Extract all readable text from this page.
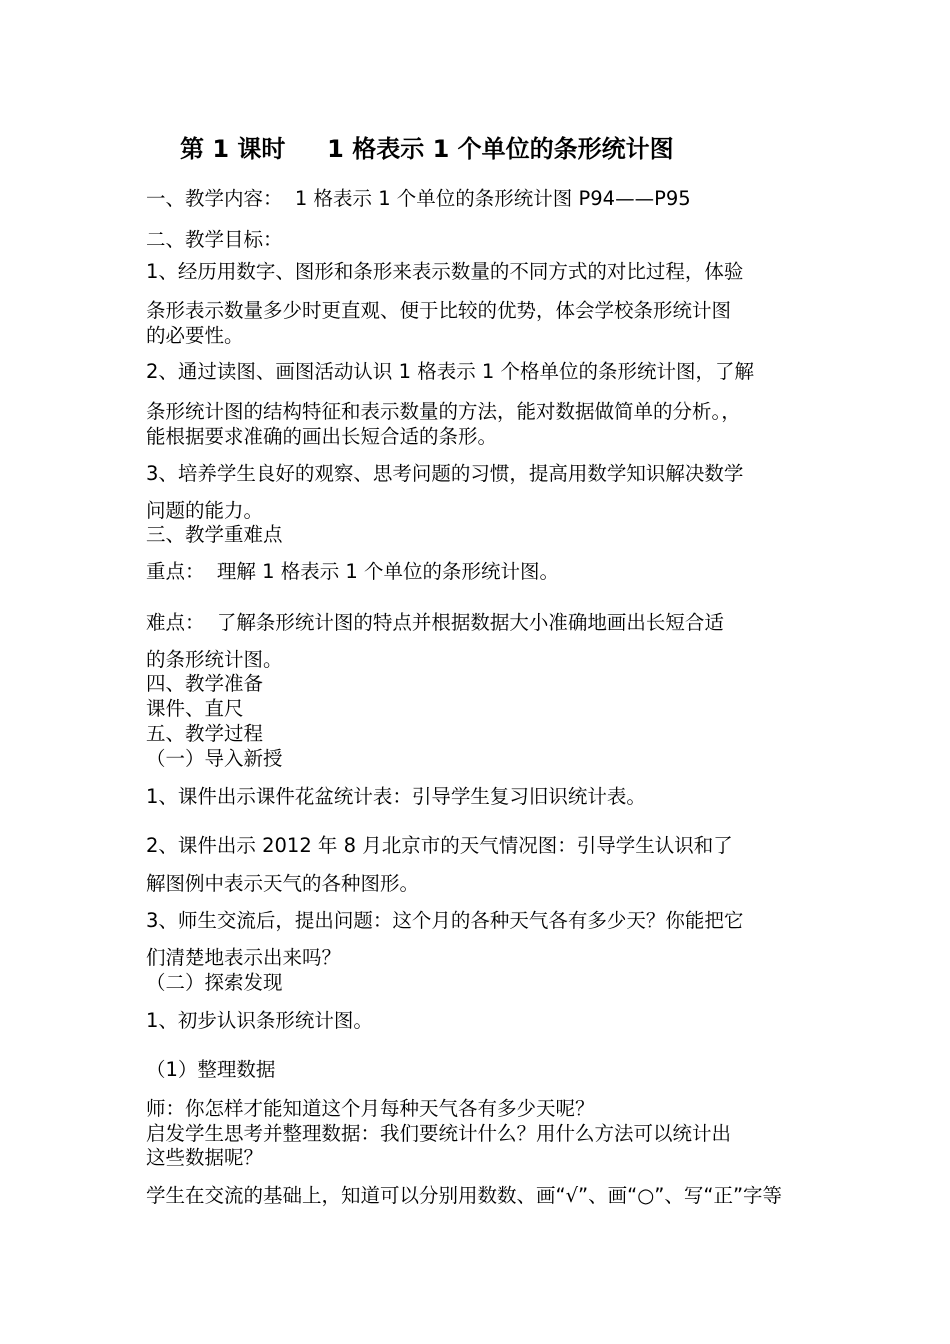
第 1 课时     1 格表示 1 个单位的条形统计图

一、教学内容：  1 格表示 1 个单位的条形统计图 P94——P95

二、教学目标：

1、经历用数字、图形和条形来表示数量的不同方式的对比过程，体验

条形表示数量多少时更直观、便于比较的优势，体会学校条形统计图

的必要性。

2、通过读图、画图活动认识 1 格表示 1 个格单位的条形统计图，了解

条形统计图的结构特征和表示数量的方法，能对数据做简单的分析。，

能根据要求准确的画出长短合适的条形。

3、培养学生良好的观察、思考问题的习惯，提高用数学知识解决数学

问题的能力。

三、教学重难点

重点：  理解 1 格表示 1 个单位的条形统计图。

难点：  了解条形统计图的特点并根据数据大小准确地画出长短合适

的条形统计图。

四、教学准备

课件、直尺

五、教学过程

（一）导入新授

1、课件出示课件花盆统计表：引导学生复习旧识统计表。

2、课件出示 2012 年 8 月北京市的天气情况图：引导学生认识和了

解图例中表示天气的各种图形。

3、师生交流后，提出问题：这个月的各种天气各有多少天？你能把它

们清楚地表示出来吗？

（二）探索发现

1、初步认识条形统计图。

（1）整理数据

师：你怎样才能知道这个月每种天气各有多少天呢？

启发学生思考并整理数据：我们要统计什么？用什么方法可以统计出

这些数据呢？

学生在交流的基础上，知道可以分别用数数、画“√”、画“○”、写“正”字等
